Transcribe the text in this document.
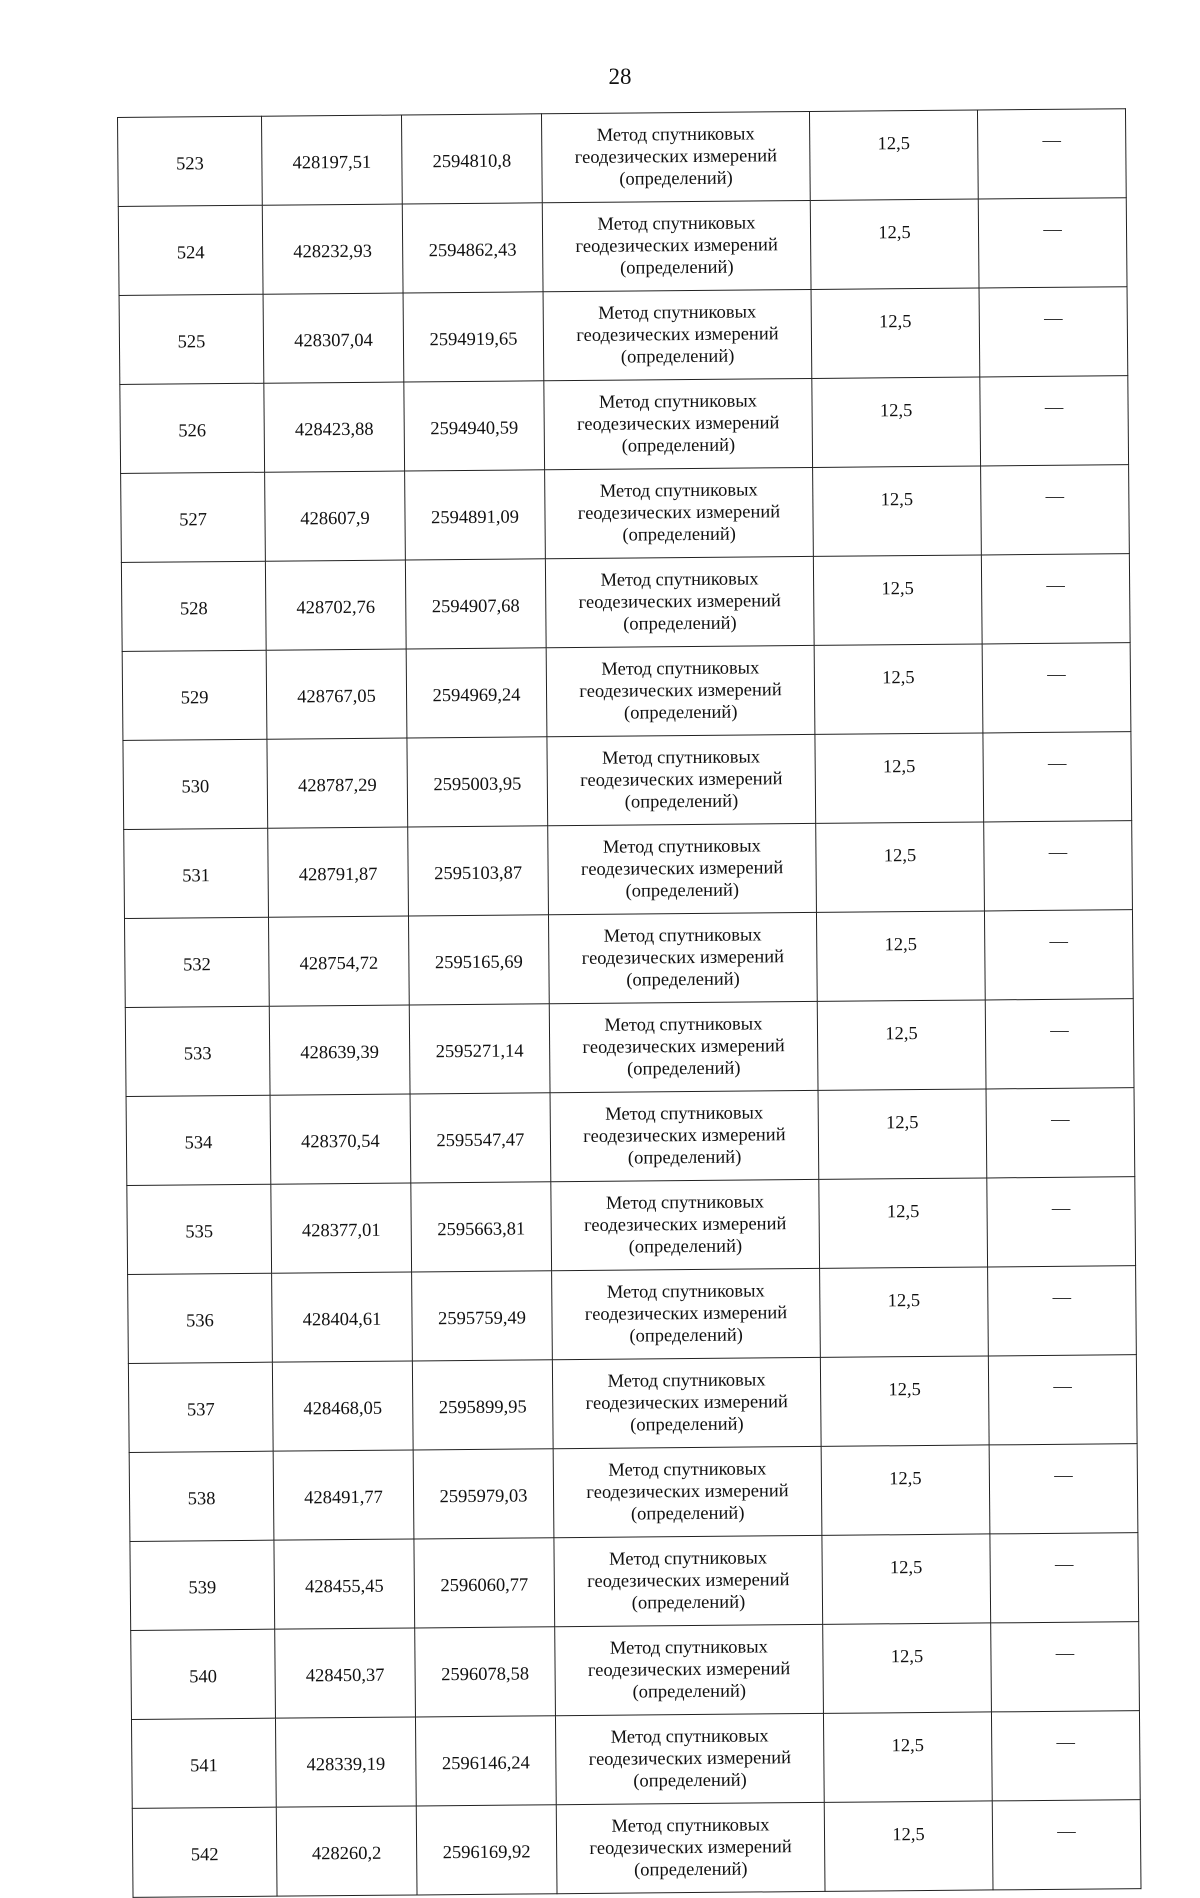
28
523	428197,51	2594810,8	Метод спутниковых
геодезических измерений
(определений)	12,5	—
524	428232,93	2594862,43	Метод спутниковых
геодезических измерений
(определений)	12,5	—
525	428307,04	2594919,65	Метод спутниковых
геодезических измерений
(определений)	12,5	—
526	428423,88	2594940,59	Метод спутниковых
геодезических измерений
(определений)	12,5	—
527	428607,9	2594891,09	Метод спутниковых
геодезических измерений
(определений)	12,5	—
528	428702,76	2594907,68	Метод спутниковых
геодезических измерений
(определений)	12,5	—
529	428767,05	2594969,24	Метод спутниковых
геодезических измерений
(определений)	12,5	—
530	428787,29	2595003,95	Метод спутниковых
геодезических измерений
(определений)	12,5	—
531	428791,87	2595103,87	Метод спутниковых
геодезических измерений
(определений)	12,5	—
532	428754,72	2595165,69	Метод спутниковых
геодезических измерений
(определений)	12,5	—
533	428639,39	2595271,14	Метод спутниковых
геодезических измерений
(определений)	12,5	—
534	428370,54	2595547,47	Метод спутниковых
геодезических измерений
(определений)	12,5	—
535	428377,01	2595663,81	Метод спутниковых
геодезических измерений
(определений)	12,5	—
536	428404,61	2595759,49	Метод спутниковых
геодезических измерений
(определений)	12,5	—
537	428468,05	2595899,95	Метод спутниковых
геодезических измерений
(определений)	12,5	—
538	428491,77	2595979,03	Метод спутниковых
геодезических измерений
(определений)	12,5	—
539	428455,45	2596060,77	Метод спутниковых
геодезических измерений
(определений)	12,5	—
540	428450,37	2596078,58	Метод спутниковых
геодезических измерений
(определений)	12,5	—
541	428339,19	2596146,24	Метод спутниковых
геодезических измерений
(определений)	12,5	—
542	428260,2	2596169,92	Метод спутниковых
геодезических измерений
(определений)	12,5	—
